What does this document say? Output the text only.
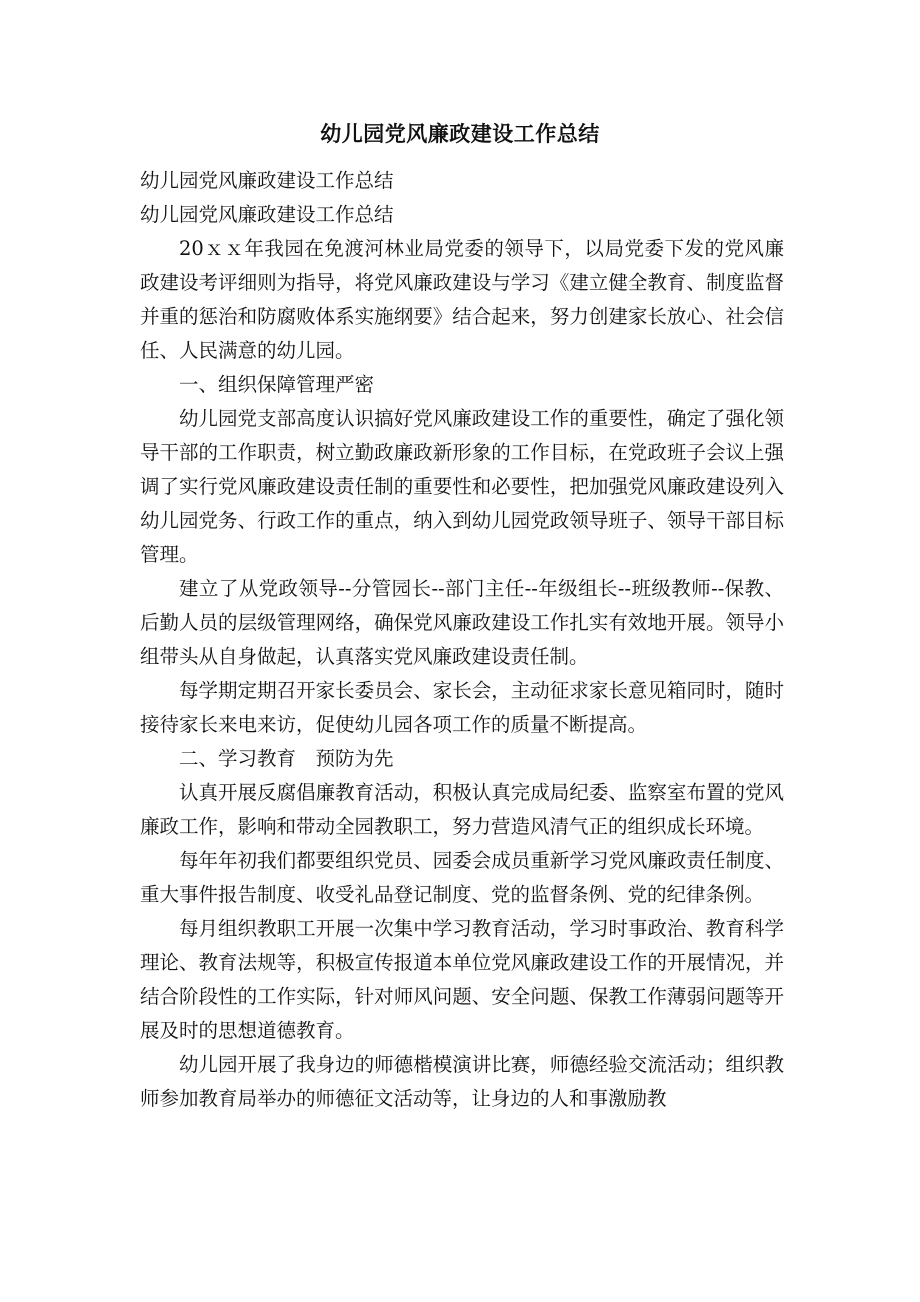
幼儿园党风廉政建设工作总结

幼儿园党风廉政建设工作总结

幼儿园党风廉政建设工作总结

20ｘｘ年我园在免渡河林业局党委的领导下，以局党委下发的党风廉政建设考评细则为指导，将党风廉政建设与学习《建立健全教育、制度监督并重的惩治和防腐败体系实施纲要》结合起来，努力创建家长放心、社会信任、人民满意的幼儿园。

一、组织保障管理严密

幼儿园党支部高度认识搞好党风廉政建设工作的重要性，确定了强化领导干部的工作职责，树立勤政廉政新形象的工作目标，在党政班子会议上强调了实行党风廉政建设责任制的重要性和必要性，把加强党风廉政建设列入幼儿园党务、行政工作的重点，纳入到幼儿园党政领导班子、领导干部目标管理。

建立了从党政领导--分管园长--部门主任--年级组长--班级教师--保教、后勤人员的层级管理网络，确保党风廉政建设工作扎实有效地开展。领导小组带头从自身做起，认真落实党风廉政建设责任制。

每学期定期召开家长委员会、家长会，主动征求家长意见箱同时，随时接待家长来电来访，促使幼儿园各项工作的质量不断提高。

二、学习教育　预防为先

认真开展反腐倡廉教育活动，积极认真完成局纪委、监察室布置的党风廉政工作，影响和带动全园教职工，努力营造风清气正的组织成长环境。

每年年初我们都要组织党员、园委会成员重新学习党风廉政责任制度、重大事件报告制度、收受礼品登记制度、党的监督条例、党的纪律条例。

每月组织教职工开展一次集中学习教育活动，学习时事政治、教育科学理论、教育法规等，积极宣传报道本单位党风廉政建设工作的开展情况，并结合阶段性的工作实际，针对师风问题、安全问题、保教工作薄弱问题等开展及时的思想道德教育。

幼儿园开展了我身边的师德楷模演讲比赛，师德经验交流活动；组织教师参加教育局举办的师德征文活动等，让身边的人和事激励教
